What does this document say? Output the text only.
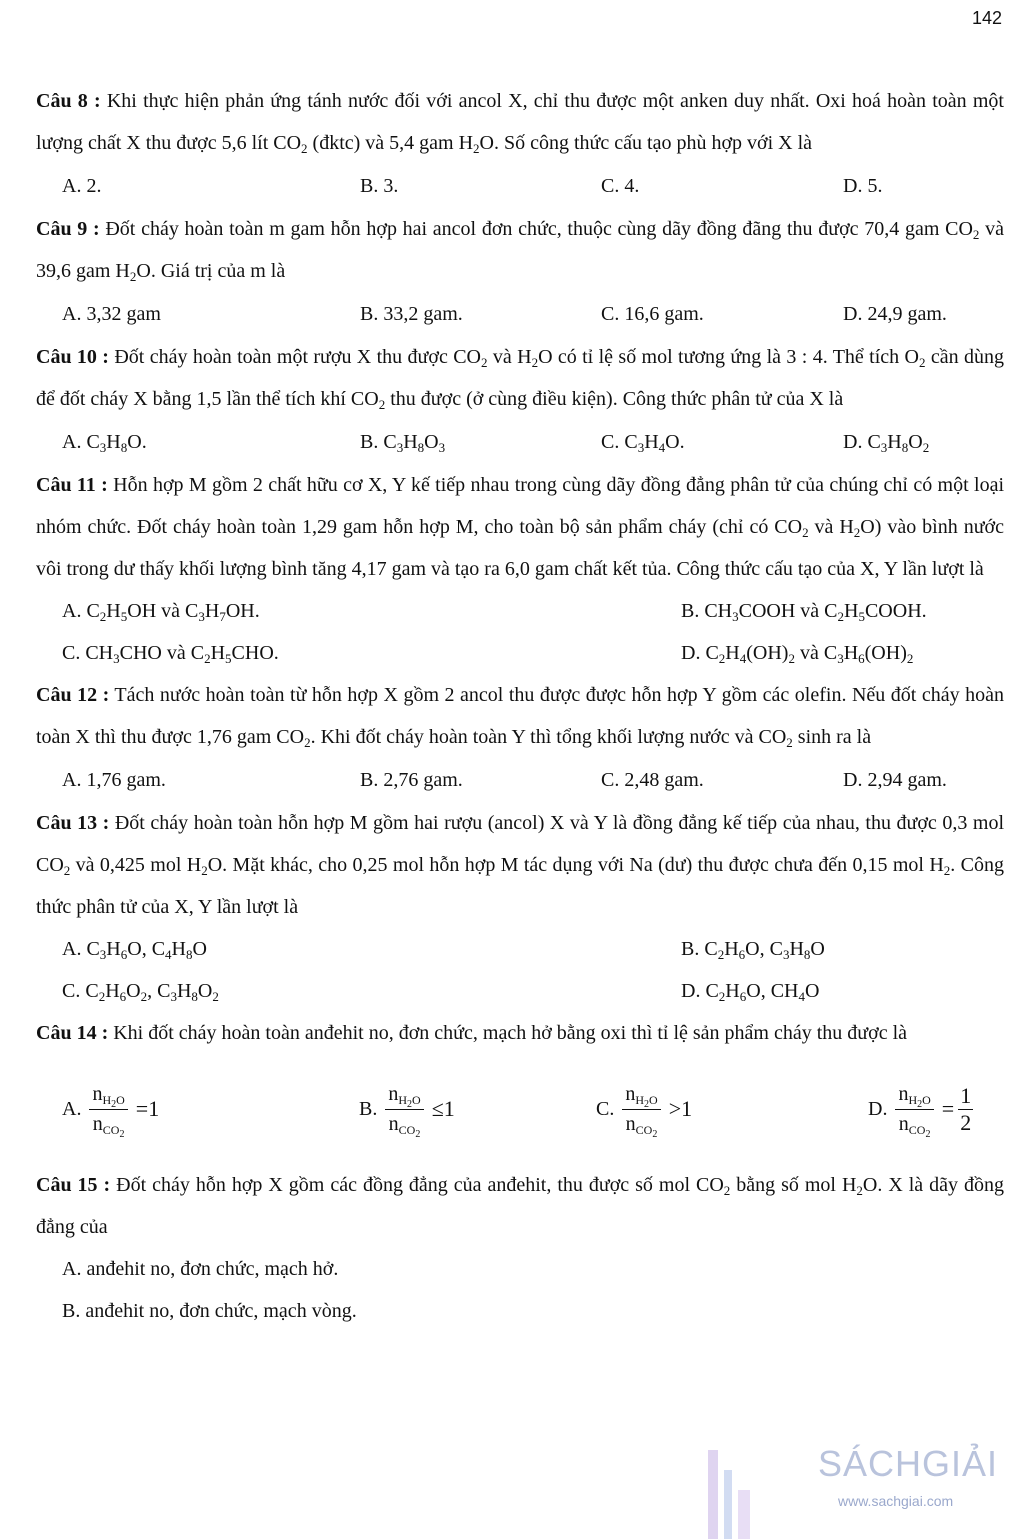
142

Câu 8 : Khi thực hiện phản ứng tánh nước đối với ancol X, chỉ thu được một anken duy nhất. Oxi hoá hoàn toàn một lượng chất X thu được 5,6 lít $CO_2$ (đktc) và 5,4 gam $H_2O$. Số công thức cấu tạo phù hợp với X là

A. 2.	B. 3.	C. 4.	D. 5.

Câu 9 : Đốt cháy hoàn toàn m gam hỗn hợp hai ancol đơn chức, thuộc cùng dãy đồng đãng thu được 70,4 gam $CO_2$ và 39,6 gam $H_2O$. Giá trị của m là

A. 3,32 gam	B. 33,2 gam.	C. 16,6 gam.	D. 24,9 gam.

Câu 10 : Đốt cháy hoàn toàn một rượu X thu được $CO_2$ và $H_2O$ có tỉ lệ số mol tương ứng là 3 : 4. Thể tích $O_2$ cần dùng để đốt cháy X bằng 1,5 lần thể tích khí $CO_2$ thu được (ở cùng điều kiện). Công thức phân tử của X là

A. $C_3H_8O$.	B. $C_3H_8O_3$	C. $C_3H_4O$.	D. $C_3H_8O_2$

Câu 11 : Hỗn hợp M gồm 2 chất hữu cơ X, Y kế tiếp nhau trong cùng dãy đồng đẳng phân tử của chúng chỉ có một loại nhóm chức. Đốt cháy hoàn toàn 1,29 gam hỗn hợp M, cho toàn bộ sản phẩm cháy (chỉ có $CO_2$ và $H_2O$) vào bình nước vôi trong dư thấy khối lượng bình tăng 4,17 gam và tạo ra 6,0 gam chất kết tủa. Công thức cấu tạo của X, Y lần lượt là

A. $C_2H_5OH$ và $C_3H_7OH$.	B. $CH_3COOH$ và $C_2H_5COOH$.
C. $CH_3CHO$ và $C_2H_5CHO$.	D. $C_2H_4(OH)_2$ và $C_3H_6(OH)_2$

Câu 12 : Tách nước hoàn toàn từ hỗn hợp X gồm 2 ancol thu được được hỗn hợp Y gồm các olefin. Nếu đốt cháy hoàn toàn X thì thu được 1,76 gam $CO_2$. Khi đốt cháy hoàn toàn Y thì tổng khối lượng nước và $CO_2$ sinh ra là

A. 1,76 gam.	B. 2,76 gam.	C. 2,48 gam.	D. 2,94 gam.

Câu 13 : Đốt cháy hoàn toàn hỗn hợp M gồm hai rượu (ancol) X và Y là đồng đẳng kế tiếp của nhau, thu được 0,3 mol $CO_2$ và 0,425 mol $H_2O$. Mặt khác, cho 0,25 mol hỗn hợp M tác dụng với Na (dư) thu được chưa đến 0,15 mol $H_2$. Công thức phân tử của X, Y lần lượt là

A. $C_3H_6O$, $C_4H_8O$	B. $C_2H_6O$, $C_3H_8O$
C. $C_2H_6O_2$, $C_3H_8O_2$	D. $C_2H_6O$, $CH_4O$

Câu 14 : Khi đốt cháy hoàn toàn anđehit no, đơn chức, mạch hở bằng oxi thì tỉ lệ sản phẩm cháy thu được là

A. $\frac{n_{H_2O}}{n_{CO_2}} =1$	B. $\frac{n_{H_2O}}{n_{CO_2}} \le 1$	C. $\frac{n_{H_2O}}{n_{CO_2}} >1$	D. $\frac{n_{H_2O}}{n_{CO_2}} = \frac{1}{2}$

Câu 15 : Đốt cháy hỗn hợp X gồm các đồng đẳng của anđehit, thu được số mol $CO_2$ bằng số mol $H_2O$. X là dãy đồng đẳng của

A. anđehit no, đơn chức, mạch hở.
B. anđehit no, đơn chức, mạch vòng.
SÁCHGIẢI
www.sachgiai.com
